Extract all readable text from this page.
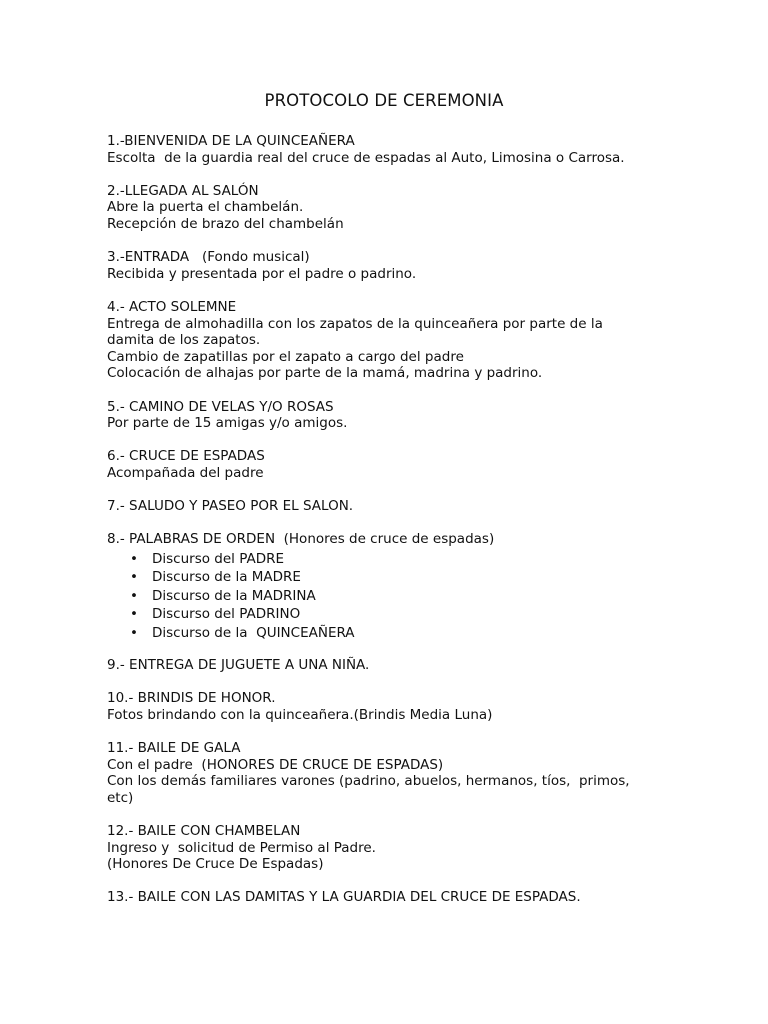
PROTOCOLO DE CEREMONIA
1.-BIENVENIDA DE LA QUINCEAÑERA
Escolta  de la guardia real del cruce de espadas al Auto, Limosina o Carrosa.
2.-LLEGADA AL SALÓN
Abre la puerta el chambelán.
Recepción de brazo del chambelán
3.-ENTRADA   (Fondo musical)
Recibida y presentada por el padre o padrino.
4.- ACTO SOLEMNE
Entrega de almohadilla con los zapatos de la quinceañera por parte de la
damita de los zapatos.
Cambio de zapatillas por el zapato a cargo del padre
Colocación de alhajas por parte de la mamá, madrina y padrino.
5.- CAMINO DE VELAS Y/O ROSAS
Por parte de 15 amigas y/o amigos.
6.- CRUCE DE ESPADAS
Acompañada del padre
7.- SALUDO Y PASEO POR EL SALON.
8.- PALABRAS DE ORDEN  (Honores de cruce de espadas)
• Discurso del PADRE
• Discurso de la MADRE
• Discurso de la MADRINA
• Discurso del PADRINO
• Discurso de la  QUINCEAÑERA
9.- ENTREGA DE JUGUETE A UNA NIÑA.
10.- BRINDIS DE HONOR.
Fotos brindando con la quinceañera.(Brindis Media Luna)
11.- BAILE DE GALA
Con el padre  (HONORES DE CRUCE DE ESPADAS)
Con los demás familiares varones (padrino, abuelos, hermanos, tíos,  primos,
etc)
12.- BAILE CON CHAMBELAN
Ingreso y  solicitud de Permiso al Padre.
(Honores De Cruce De Espadas)
13.- BAILE CON LAS DAMITAS Y LA GUARDIA DEL CRUCE DE ESPADAS.
